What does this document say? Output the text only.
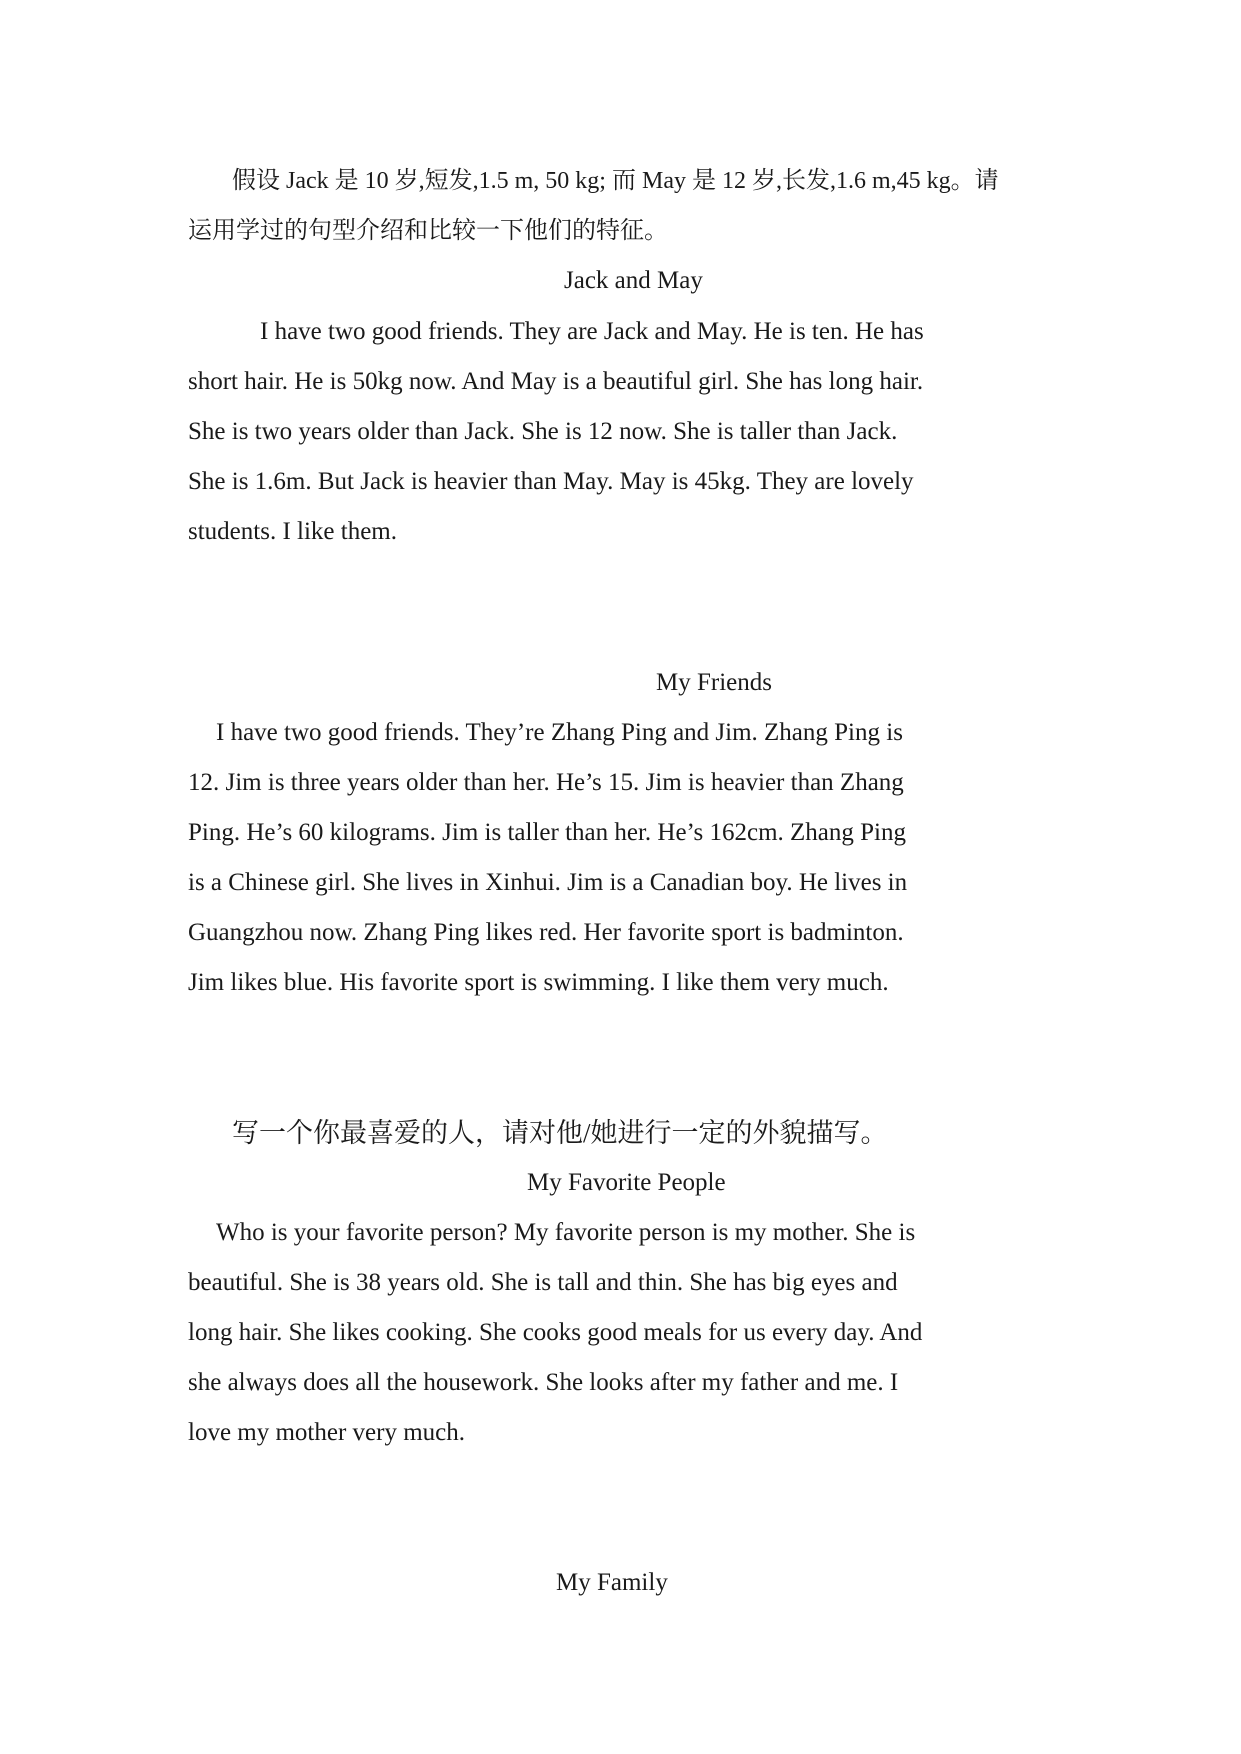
假设 Jack 是 10 岁,短发,1.5 m, 50 kg; 而 May 是 12 岁,长发,1.6 m,45 kg。请
运用学过的句型介绍和比较一下他们的特征。
Jack and May
I have two good friends. They are Jack and May. He is ten. He has
short hair. He is 50kg now. And May is a beautiful girl. She has long hair.
She is two years older than Jack. She is 12 now. She is taller than Jack.
She is 1.6m. But Jack is heavier than May. May is 45kg. They are lovely
students. I like them.
My Friends
I have two good friends. They’re Zhang Ping and Jim. Zhang Ping is
12. Jim is three years older than her. He’s 15. Jim is heavier than Zhang
Ping. He’s 60 kilograms. Jim is taller than her. He’s 162cm. Zhang Ping
is a Chinese girl. She lives in Xinhui. Jim is a Canadian boy. He lives in
Guangzhou now. Zhang Ping likes red. Her favorite sport is badminton.
Jim likes blue. His favorite sport is swimming. I like them very much.
写一个你最喜爱的人，请对他/她进行一定的外貌描写。
My Favorite People
Who is your favorite person? My favorite person is my mother. She is
beautiful. She is 38 years old. She is tall and thin. She has big eyes and
long hair. She likes cooking. She cooks good meals for us every day. And
she always does all the housework. She looks after my father and me. I
love my mother very much.
My Family
